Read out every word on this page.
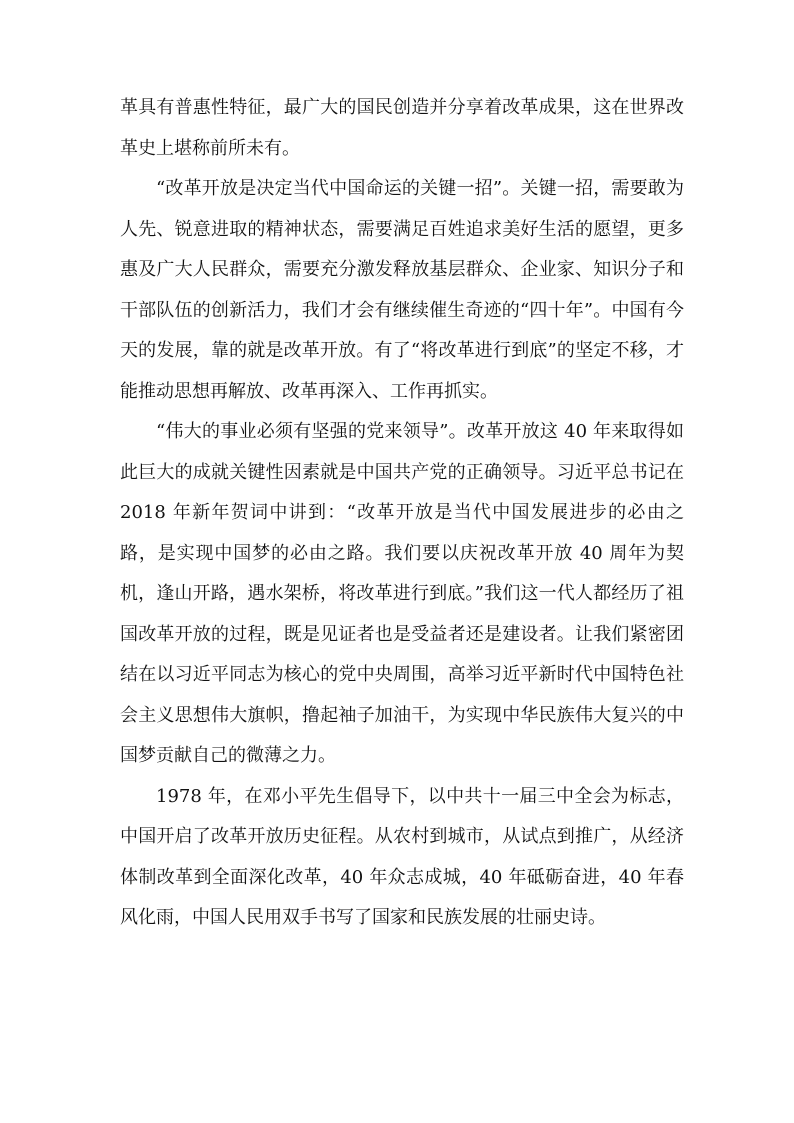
革具有普惠性特征，最广大的国民创造并分享着改革成果，这在世界改革史上堪称前所未有。

“改革开放是决定当代中国命运的关键一招”。关键一招，需要敢为人先、锐意进取的精神状态，需要满足百姓追求美好生活的愿望，更多惠及广大人民群众，需要充分激发释放基层群众、企业家、知识分子和干部队伍的创新活力，我们才会有继续催生奇迹的“四十年”。中国有今天的发展，靠的就是改革开放。有了“将改革进行到底”的坚定不移，才能推动思想再解放、改革再深入、工作再抓实。

“伟大的事业必须有坚强的党来领导”。改革开放这 40 年来取得如此巨大的成就关键性因素就是中国共产党的正确领导。习近平总书记在 2018 年新年贺词中讲到：“改革开放是当代中国发展进步的必由之路，是实现中国梦的必由之路。我们要以庆祝改革开放 40 周年为契机，逢山开路，遇水架桥，将改革进行到底。”我们这一代人都经历了祖国改革开放的过程，既是见证者也是受益者还是建设者。让我们紧密团结在以习近平同志为核心的党中央周围，高举习近平新时代中国特色社会主义思想伟大旗帜，撸起袖子加油干，为实现中华民族伟大复兴的中国梦贡献自己的微薄之力。

1978 年，在邓小平先生倡导下，以中共十一届三中全会为标志，中国开启了改革开放历史征程。从农村到城市，从试点到推广，从经济体制改革到全面深化改革，40 年众志成城，40 年砥砺奋进，40 年春风化雨，中国人民用双手书写了国家和民族发展的壮丽史诗。
